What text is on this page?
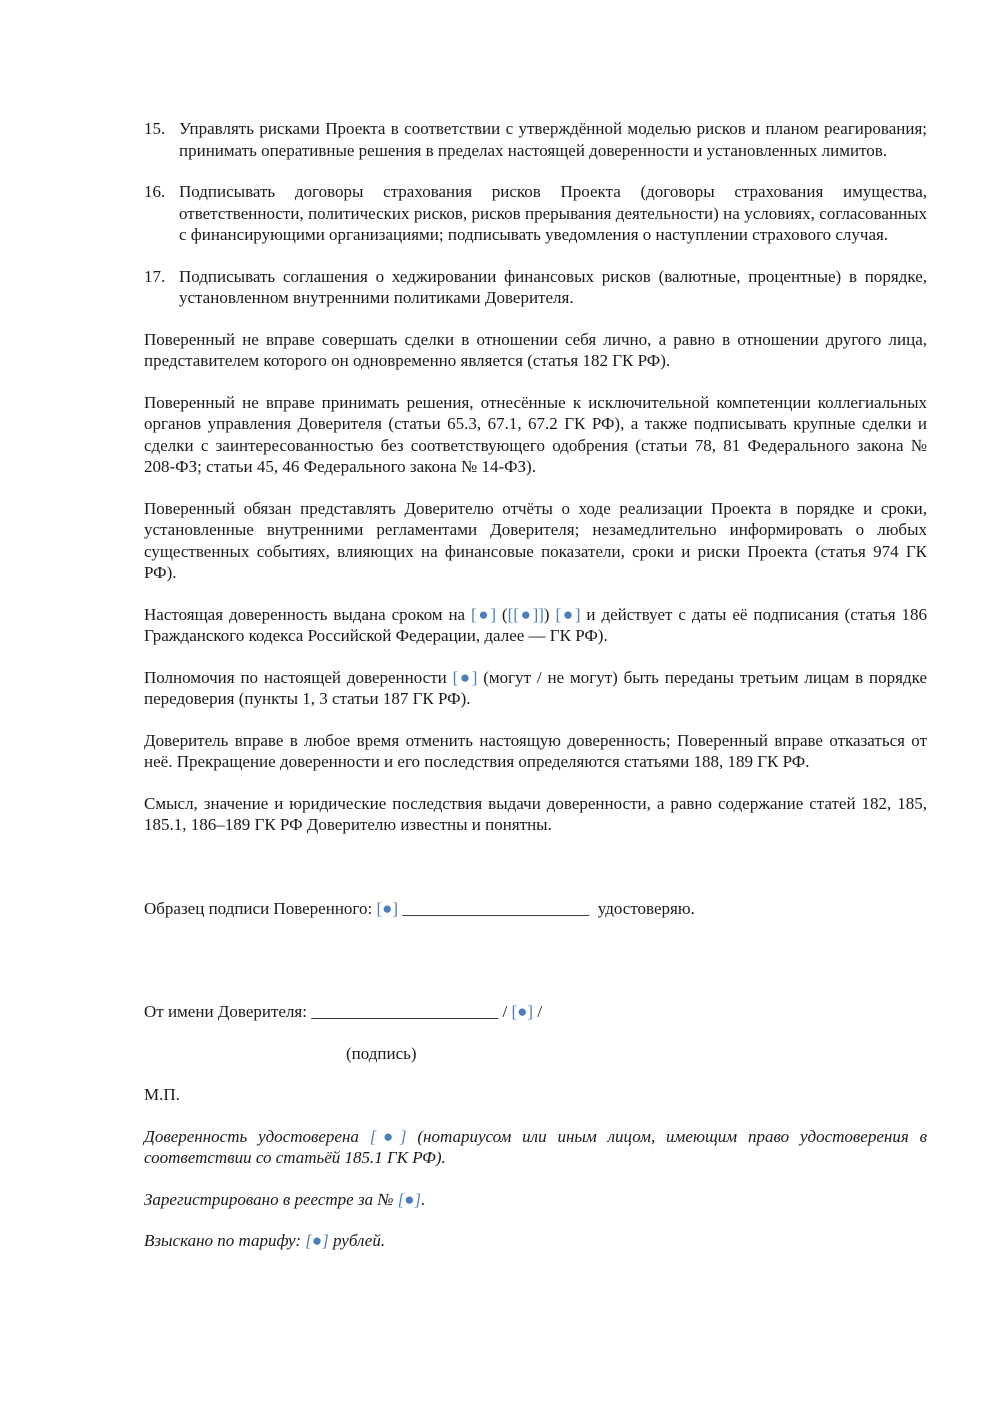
15. Управлять рисками Проекта в соответствии с утверждённой моделью рисков и планом реагирования; принимать оперативные решения в пределах настоящей доверенности и установленных лимитов.
16. Подписывать договоры страхования рисков Проекта (договоры страхования имущества, ответственности, политических рисков, рисков прерывания деятельности) на условиях, согласованных с финансирующими организациями; подписывать уведомления о наступлении страхового случая.
17. Подписывать соглашения о хеджировании финансовых рисков (валютные, процентные) в порядке, установленном внутренними политиками Доверителя.

Поверенный не вправе совершать сделки в отношении себя лично, а равно в отношении другого лица, представителем которого он одновременно является (статья 182 ГК РФ).

Поверенный не вправе принимать решения, отнесённые к исключительной компетенции коллегиальных органов управления Доверителя (статьи 65.3, 67.1, 67.2 ГК РФ), а также подписывать крупные сделки и сделки с заинтересованностью без соответствующего одобрения (статьи 78, 81 Федерального закона № 208-ФЗ; статьи 45, 46 Федерального закона № 14-ФЗ).

Поверенный обязан представлять Доверителю отчёты о ходе реализации Проекта в порядке и сроки, установленные внутренними регламентами Доверителя; незамедлительно информировать о любых существенных событиях, влияющих на финансовые показатели, сроки и риски Проекта (статья 974 ГК РФ).

Настоящая доверенность выдана сроком на [●] ([[●]]) [●] и действует с даты её подписания (статья 186 Гражданского кодекса Российской Федерации, далее — ГК РФ).

Полномочия по настоящей доверенности [●] (могут / не могут) быть переданы третьим лицам в порядке передоверия (пункты 1, 3 статьи 187 ГК РФ).

Доверитель вправе в любое время отменить настоящую доверенность; Поверенный вправе отказаться от неё. Прекращение доверенности и его последствия определяются статьями 188, 189 ГК РФ.

Смысл, значение и юридические последствия выдачи доверенности, а равно содержание статей 182, 185, 185.1, 186–189 ГК РФ Доверителю известны и понятны.

Образец подписи Поверенного: [●] ______________________  удостоверяю.

От имени Доверителя: ______________________ / [●] /

(подпись)

М.П.

Доверенность удостоверена [●] (нотариусом или иным лицом, имеющим право удостоверения в соответствии со статьёй 185.1 ГК РФ).

Зарегистрировано в реестре за № [●].

Взыскано по тарифу: [●] рублей.
